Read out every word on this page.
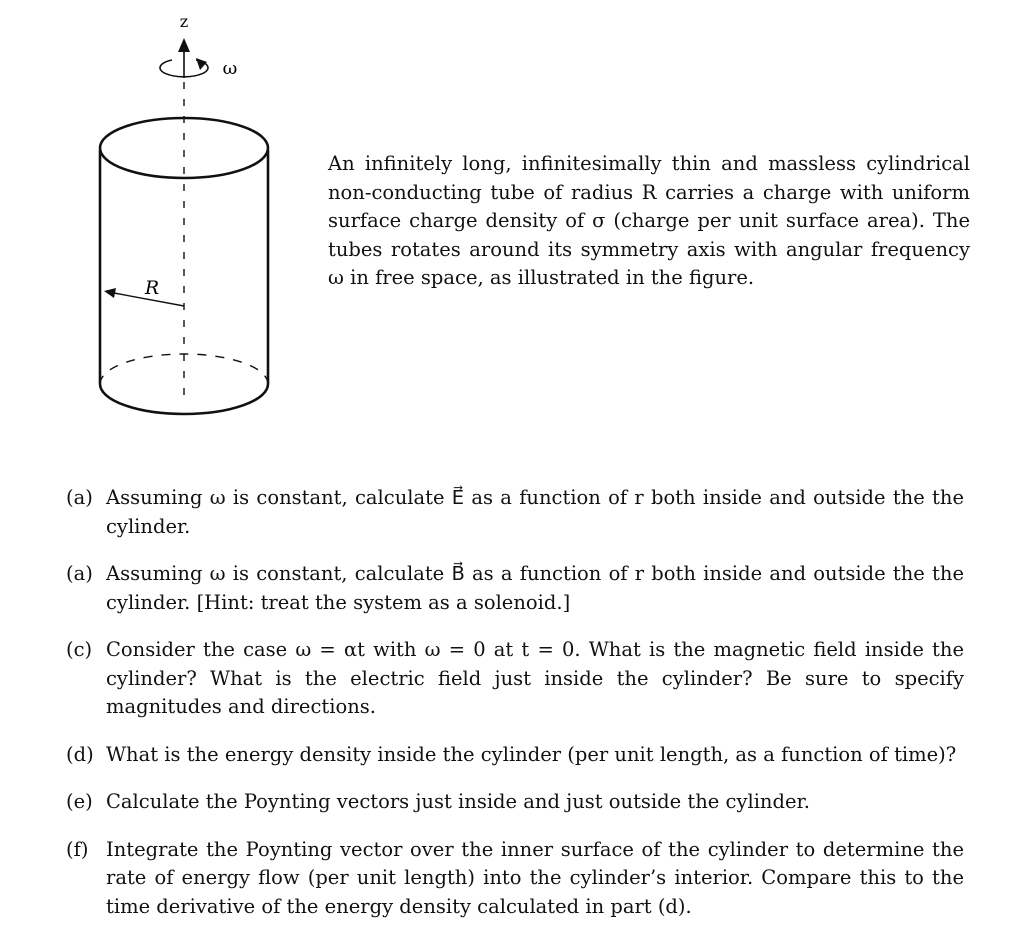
z
ω
R

An infinitely long, infinitesimally thin and massless cylindrical non-conducting tube of radius R carries a charge with uniform surface charge density of σ (charge per unit surface area). The tubes rotates around its symmetry axis with angular frequency ω in free space, as illustrated in the figure.

(a) Assuming ω is constant, calculate E⃗ as a function of r both inside and outside the the cylinder.
(a) Assuming ω is constant, calculate B⃗ as a function of r both inside and outside the the cylinder. [Hint: treat the system as a solenoid.]
(c) Consider the case ω = αt with ω = 0 at t = 0. What is the magnetic field inside the cylinder? What is the electric field just inside the cylinder? Be sure to specify magnitudes and directions.
(d) What is the energy density inside the cylinder (per unit length, as a function of time)?
(e) Calculate the Poynting vectors just inside and just outside the cylinder.
(f) Integrate the Poynting vector over the inner surface of the cylinder to determine the rate of energy flow (per unit length) into the cylinder’s interior. Compare this to the time derivative of the energy density calculated in part (d).
